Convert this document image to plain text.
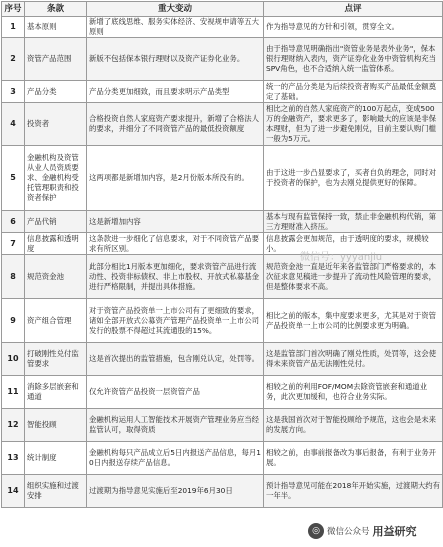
序号	条款	重大变动	点评
1	基本原则	新增了底线思维、服务实体经济、安视规申请等五大原则	作为指导意见的方针和引领，贯穿全文。
2	资管产品范围	新版不包括保本银行理财以及资产证券化业务。	由于指导意见明确指出"资管业务是表外业务"，保本银行理财纳入表内，资产证券化业务中资管机构充当SPV角色，也不合适纳入统一监管体系。
3	产品分类	产品分类更加细致，而且要求明示产品类型	统一的产品分类是为后续投资者购买产品最低金额奠定了基础。
4	投资者	合格投资自然人家庭资产要求提升，新增了合格法人的要求，并细分了不同资管产品的最低投资额度	相比之前的自然人家庭资产的100万起点，变成500万的金融资产，要求更多了，影响最大的应该是非保本理财，但为了进一步避免刚兑，目前主要认购门槛一般为5万元。
5	金融机构及资管从业人员资质要求、金融机构受托管理职责和投资者保护	这两项都是新增加内容，是2月份版本所没有的。	由于这进一步凸显要求了，买者自负的理念，同时对于投资者的保护，也为去刚兑提供更好的保障。
6	产品代销	这是新增加内容	基本与现有监管保持一致，禁止非金融机构代销，第三方理财准入挤压。
7	信息披露和透明度	这条款进一步细化了信息要求，对于不同资管产品要求有所区别。	信息披露会更加规范，由于透明度的要求，规模较小。
8	规范资金池	此部分相比1月版本更加细化，要求资管产品进行流动性、投资非标债权、非上市股权、开放式私募基金进行严格限制，并提出具体措施。	规范资金池一直是近年来各监管部门严格要求的，本次征求意见稿进一步提升了流动性风险管理的要求，但是整体要求不高。
9	资产组合管理	对于资管产品投资单一上市公司有了更细致的要求，诸如全部开放式公募资产管理产品投资单一上市公司发行的股票不得超过其流通股的15%。	相比之前的版本，集中度要求更多，尤其是对于资管产品投资单一上市公司的比例要求更为明确。
10	打破刚性兑付监管要求	这是首次提出的监管措施，包含刚兑认定，处罚等。	这是监管部门首次明确了刚兑性质，处罚等，这会使得未来资管产品无法刚性兑付。
11	消除多层嵌套和通道	仅允许资管产品投资一层资管产品	相较之前的利用FOF/MOM去除资管嵌套和通道业务，此次更加缓和，也符合业务实际。
12	智能投顾	金融机构运用人工智能技术开展资产管理业务应当经监管认可，取得资质	这是我国首次对于智能投顾给予规范，这也会是未来的发展方向。
13	统计制度	金融机构每只产品成立后5日内报送产品信息，每月10日内报送存续产品信息。	相较之前，由事前报备改为事后报备，有利于业务开展。
14	组织实施和过渡安排	过渡期为指导意见实施后至2019年6月30日	预计指导意见可能在2018年开始实施，过渡期大约有一年半。
微信号：yyyanjiu
◎ 微信公众号 用益研究
